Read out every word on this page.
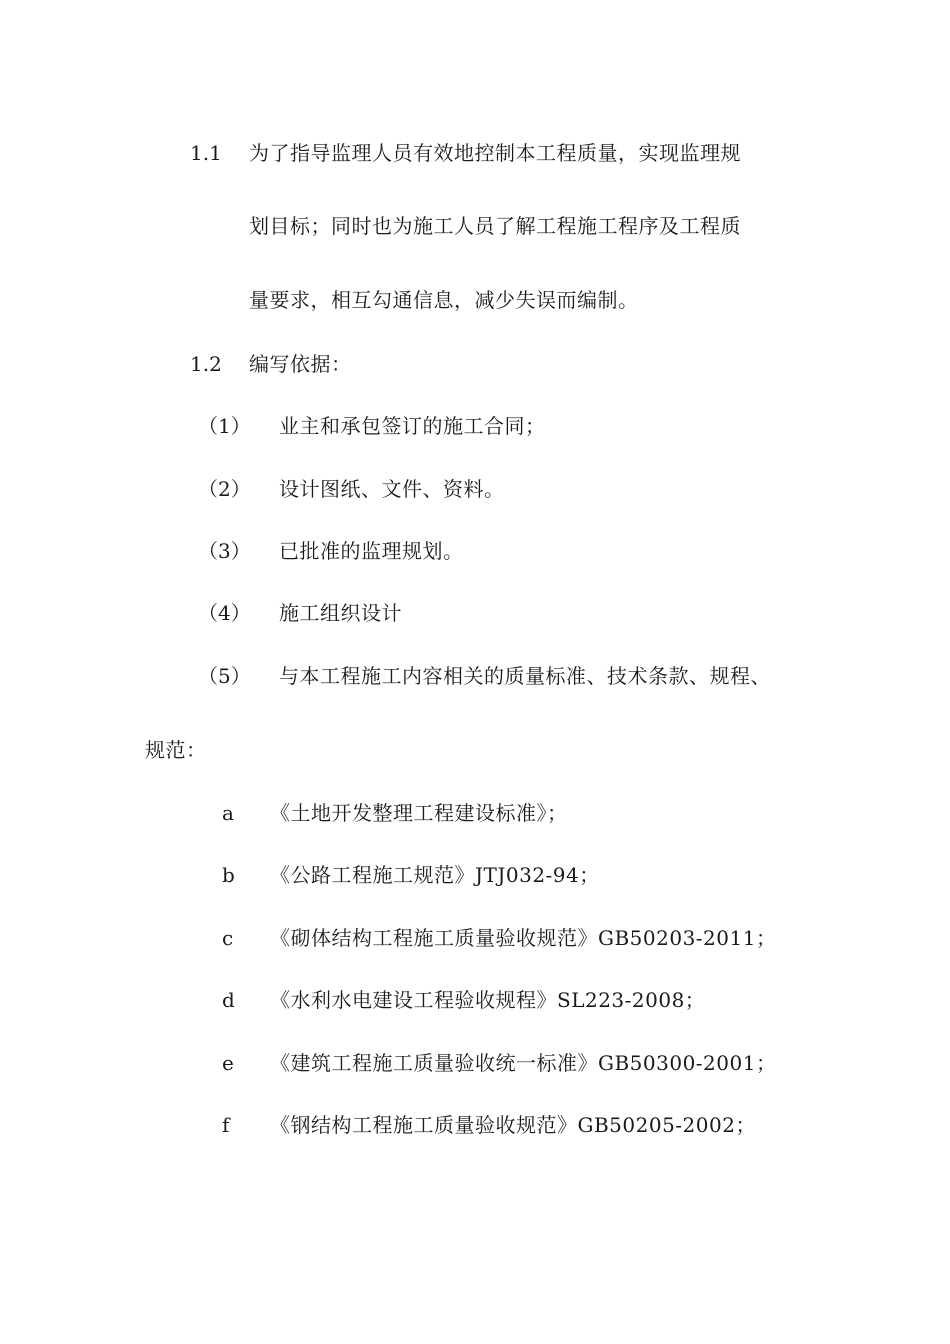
1.1 为了指导监理人员有效地控制本工程质量，实现监理规
划目标；同时也为施工人员了解工程施工程序及工程质
量要求，相互勾通信息，减少失误而编制。
1.2 编写依据：
（1） 业主和承包签订的施工合同；
（2） 设计图纸、文件、资料。
（3） 已批准的监理规划。
（4） 施工组织设计
（5） 与本工程施工内容相关的质量标准、技术条款、规程、
规范：
a 《土地开发整理工程建设标准》；
b 《公路工程施工规范》JTJ032-94；
c 《砌体结构工程施工质量验收规范》GB50203-2011；
d 《水利水电建设工程验收规程》SL223-2008；
e 《建筑工程施工质量验收统一标准》GB50300-2001；
f 《钢结构工程施工质量验收规范》GB50205-2002；
